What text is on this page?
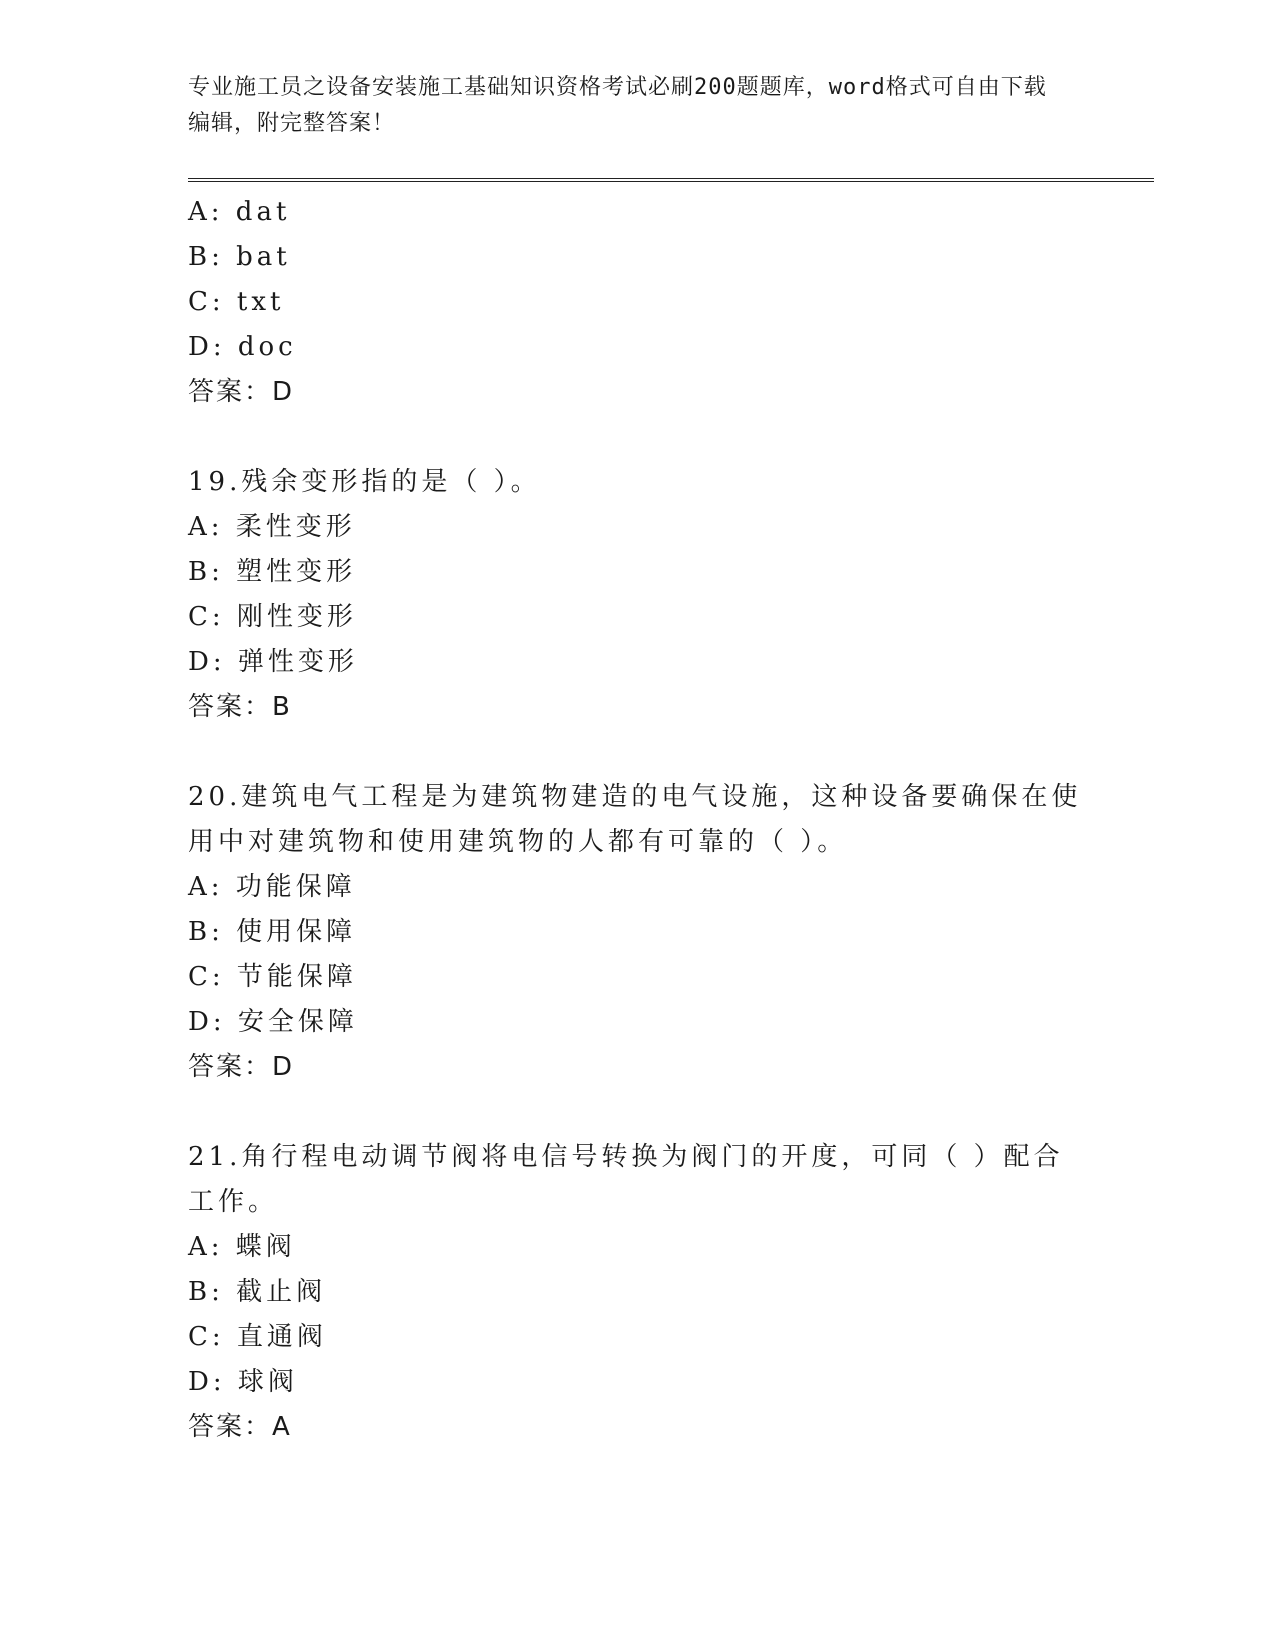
专业施工员之设备安装施工基础知识资格考试必刷200题题库，word格式可自由下载编辑，附完整答案！
A: dat
B: bat
C: txt
D: doc
答案：D
19.残余变形指的是（ ）。
A: 柔性变形
B: 塑性变形
C: 刚性变形
D: 弹性变形
答案：B
20.建筑电气工程是为建筑物建造的电气设施，这种设备要确保在使用中对建筑物和使用建筑物的人都有可靠的（ ）。
A: 功能保障
B: 使用保障
C: 节能保障
D: 安全保障
答案：D
21.角行程电动调节阀将电信号转换为阀门的开度，可同（ ）配合工作。
A: 蝶阀
B: 截止阀
C: 直通阀
D: 球阀
答案：A
